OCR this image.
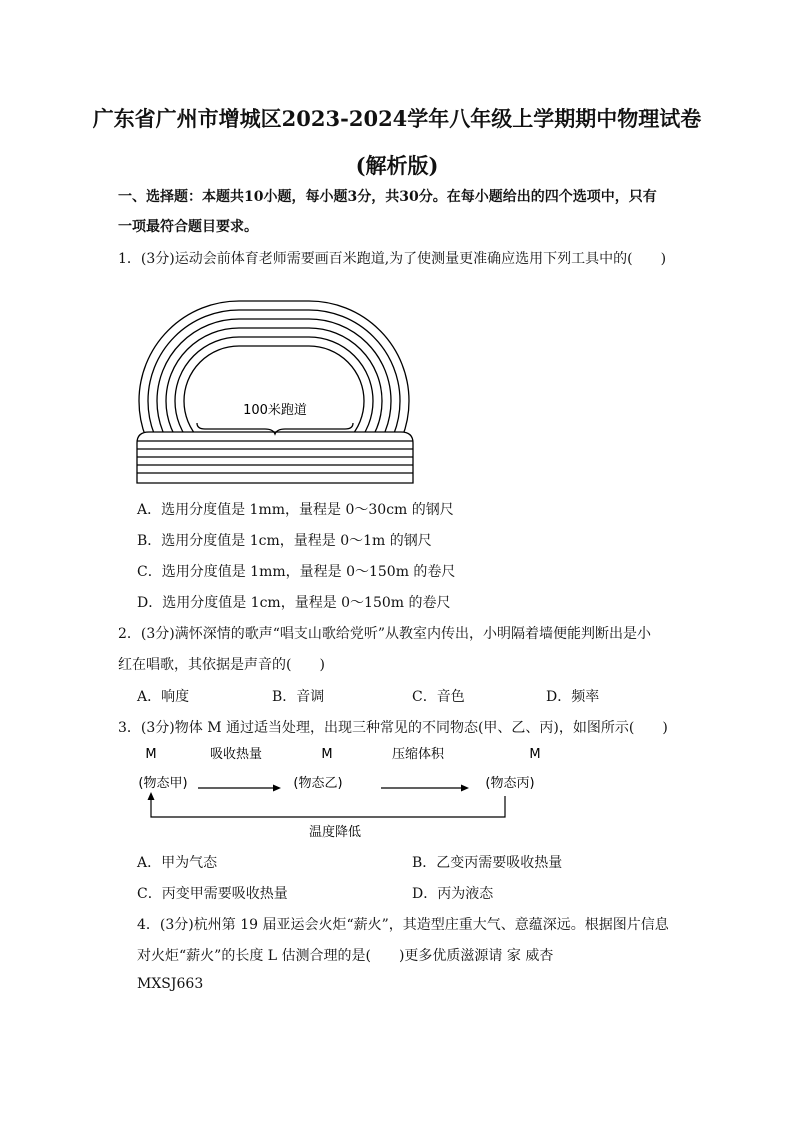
广东省广州市增城区2023-2024学年八年级上学期期中物理试卷
(解析版)
一、选择题：本题共10小题，每小题3分，共30分。在每小题给出的四个选项中，只有
一项最符合题目要求。
1．(3分)运动会前体育老师需要画百米跑道,为了使测量更准确应选用下列工具中的(　　)
100米跑道
A．选用分度值是 1mm，量程是 0～30cm 的钢尺
B．选用分度值是 1cm，量程是 0～1m 的钢尺
C．选用分度值是 1mm，量程是 0～150m 的卷尺
D．选用分度值是 1cm，量程是 0～150m 的卷尺
2．(3分)满怀深情的歌声“唱支山歌给党听”从教室内传出，小明隔着墙便能判断出是小
红在唱歌，其依据是声音的(　　)
A．响度	B．音调	C．音色	D．频率
3．(3分)物体 M 通过适当处理，出现三种常见的不同物态(甲、乙、丙)，如图所示(　　)
M	M	M
吸收热量	压缩体积
(物态甲)	(物态乙)	(物态丙)
温度降低
A．甲为气态	B．乙变丙需要吸收热量
C．丙变甲需要吸收热量	D．丙为液态
4．(3分)杭州第 19 届亚运会火炬“薪火”，其造型庄重大气、意蕴深远。根据图片信息
对火炬“薪火”的长度 L 估测合理的是(　　)更多优质滋源请 家 威杏
MXSJ663
